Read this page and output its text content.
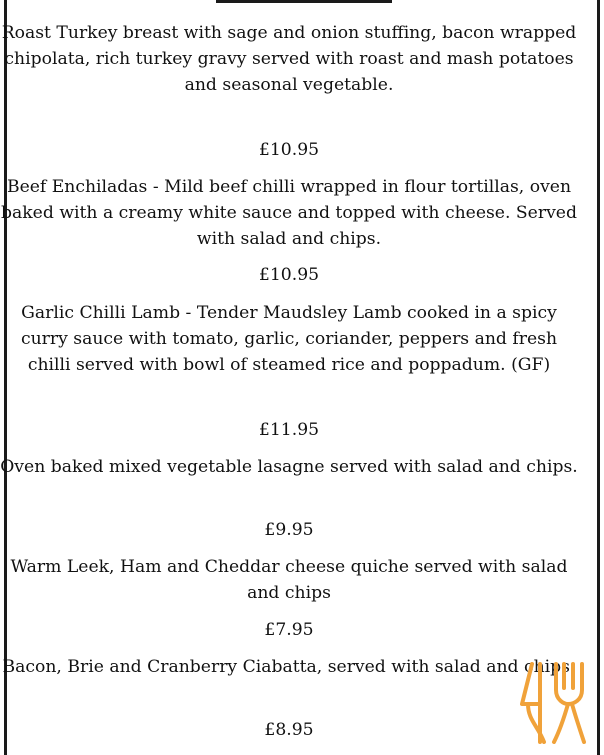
Roast Turkey breast with sage and onion stuffing, bacon wrapped chipolata, rich turkey gravy served with roast and mash potatoes and seasonal vegetable.

£10.95

Beef Enchiladas - Mild beef chilli wrapped in flour tortillas, oven baked with a creamy white sauce and topped with cheese. Served with salad and chips.

£10.95

Garlic Chilli Lamb - Tender Maudsley Lamb cooked in a spicy curry sauce with tomato, garlic, coriander, peppers and fresh chilli served with bowl of steamed rice and poppadum. (GF)

£11.95

Oven baked mixed vegetable lasagne served with salad and chips.

£9.95

Warm Leek, Ham and Cheddar cheese quiche served with salad and chips

£7.95

Bacon, Brie and Cranberry Ciabatta, served with salad and chips.

£8.95
